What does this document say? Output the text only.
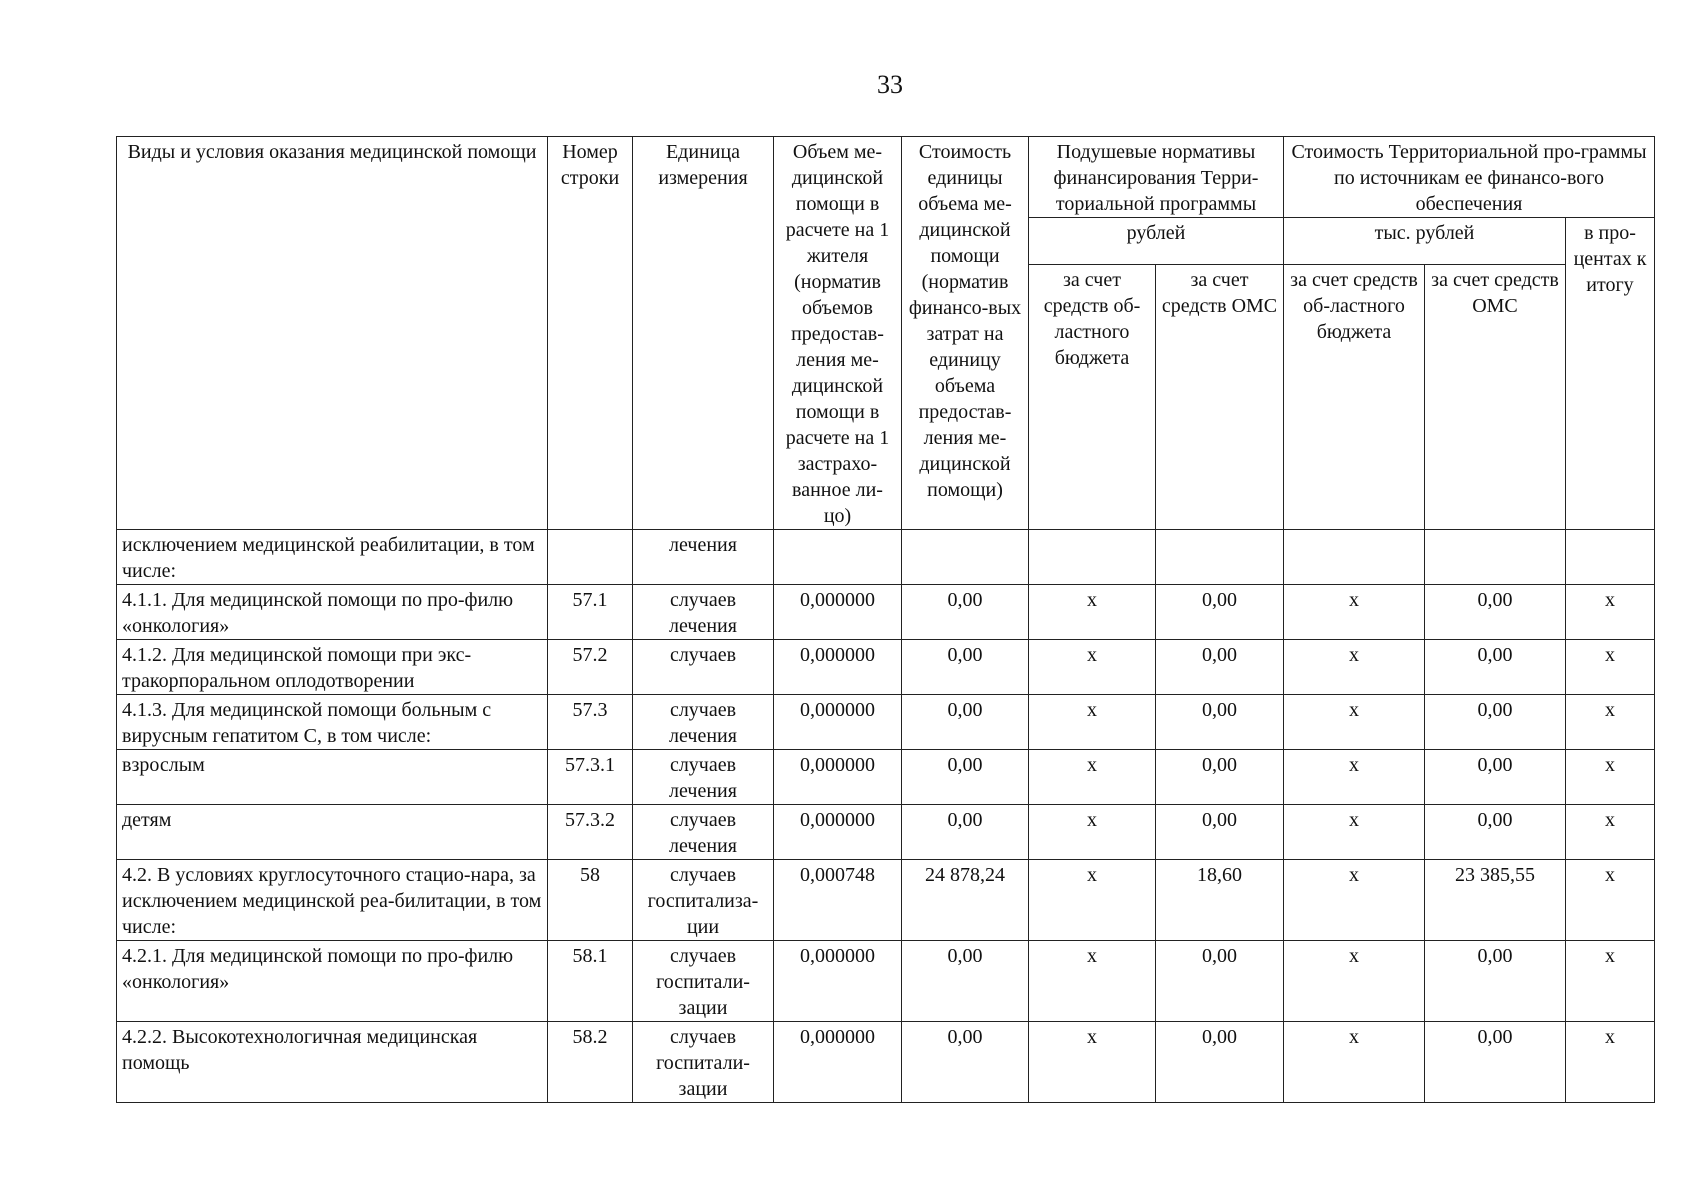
33
Виды и условия оказания медицинской помощи	Номер строки	Единица измерения	Объем ме-дицинской помощи в расчете на 1 жителя (норматив объемов предостав-ления ме-дицинской помощи в расчете на 1 застрахо-ванное ли-цо)	Стоимость единицы объема ме-дицинской помощи (норматив финансо-вых затрат на единицу объема предостав-ления ме-дицинской помощи)	Подушевые нормативы финансирования Терри-ториальной программы		Стоимость Территориальной про-граммы по источникам ее финансо-вого обеспечения		
					рублей		тыс. рублей		в про-центах к итогу
					за счет средств об-ластного бюджета	за счет средств ОМС	за счет средств об-ластного бюджета	за счет средств ОМС	
исключением медицинской реабилитации, в том числе:		лечения							
4.1.1. Для медицинской помощи по про-филю «онкология»	57.1	случаев лечения	0,000000	0,00	х	0,00	х	0,00	х
4.1.2. Для медицинской помощи при экс-тракорпоральном оплодотворении	57.2	случаев	0,000000	0,00	х	0,00	х	0,00	х
4.1.3. Для медицинской помощи больным с вирусным гепатитом С, в том числе:	57.3	случаев лечения	0,000000	0,00	х	0,00	х	0,00	х
взрослым	57.3.1	случаев лечения	0,000000	0,00	х	0,00	х	0,00	х
детям	57.3.2	случаев лечения	0,000000	0,00	х	0,00	х	0,00	х
4.2. В условиях круглосуточного стацио-нара, за исключением медицинской реа-билитации, в том числе:	58	случаев госпитализа-ции	0,000748	24 878,24	х	18,60	х	23 385,55	х
4.2.1. Для медицинской помощи по про-филю «онкология»	58.1	случаев госпитали-зации	0,000000	0,00	х	0,00	х	0,00	х
4.2.2. Высокотехнологичная медицинская помощь	58.2	случаев госпитали-зации	0,000000	0,00	х	0,00	х	0,00	х
